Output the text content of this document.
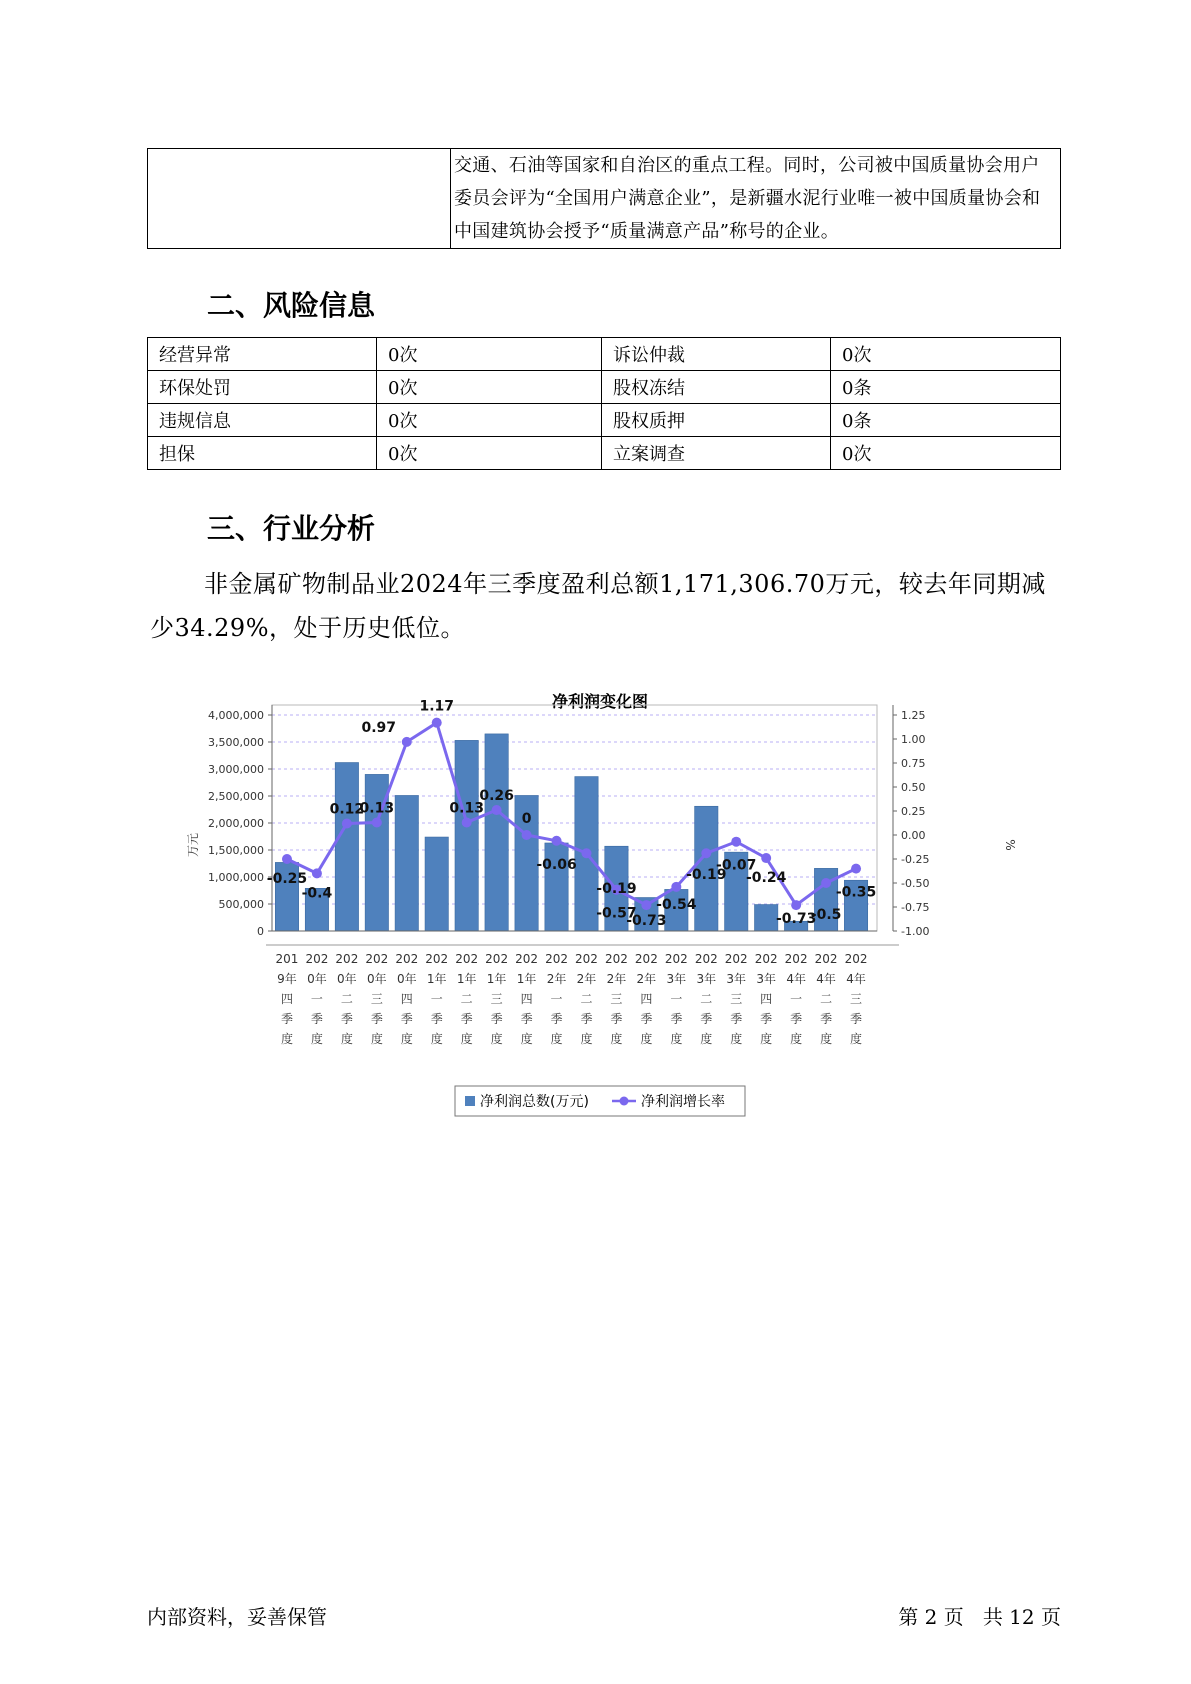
	交通、石油等国家和自治区的重点工程。同时，公司被中国质量协会用户委员会评为“全国用户满意企业”，是新疆水泥行业唯一被中国质量协会和中国建筑协会授予“质量满意产品”称号的企业。
二、风险信息
经营异常	0次	诉讼仲裁	0次
环保处罚	0次	股权冻结	0条
违规信息	0次	股权质押	0条
担保	0次	立案调查	0次
三、行业分析
非金属矿物制品业2024年三季度盈利总额1,171,306.70万元，较去年同期减少34.29%，处于历史低位。
净利润变化图
0
500,000
1,000,000
1,500,000
2,000,000
2,500,000
3,000,000
3,500,000
4,000,000
-1.00
-0.75
-0.50
-0.25
0.00
0.25
0.50
0.75
1.00
1.25
万元	%
201
9年
四
季
度
202
0年
一
季
度
202
0年
二
季
度
202
0年
三
季
度
202
0年
四
季
度
202
1年
一
季
度
202
1年
二
季
度
202
1年
三
季
度
202
1年
四
季
度
202
2年
一
季
度
202
2年
二
季
度
202
2年
三
季
度
202
2年
四
季
度
202
3年
一
季
度
202
3年
二
季
度
202
3年
三
季
度
202
3年
四
季
度
202
4年
一
季
度
202
4年
二
季
度
202
4年
三
季
度
-0.25
-0.4
0.12
0.13
0.97
1.17
0.13
0.26
0
-0.06
-0.19
-0.57
-0.73
-0.54
-0.19
-0.07
-0.24
-0.73
-0.5
-0.35
净利润总数(万元)	净利润增长率
内部资料，妥善保管	第 2 页   共 12 页
